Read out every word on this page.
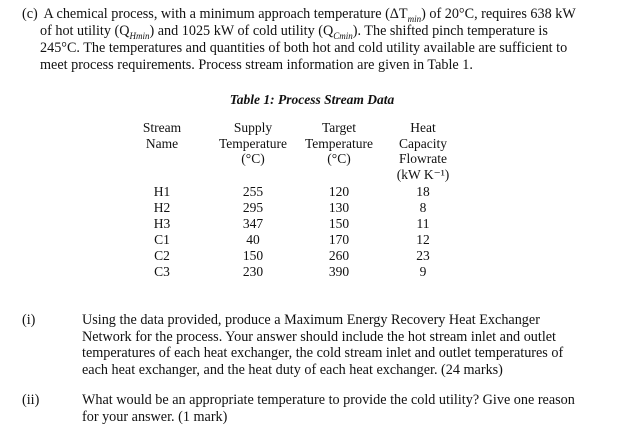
(c) A chemical process, with a minimum approach temperature $(\Delta T_{min})$ of 20°C, requires 638 kW
of hot utility $(Q_{Hmin})$ and 1025 kW of cold utility $(Q_{Cmin})$. The shifted pinch temperature is
245°C. The temperatures and quantities of both hot and cold utility available are sufficient to
meet process requirements. Process stream information are given in Table 1.
Table 1: Process Stream Data
Stream
Name
H1
H2
H3
C1
C2
C3
Supply
Temperature
(°C)
255
295
347
40
150
230
Target
Temperature
(°C)
120
130
150
170
260
390
Heat
Capacity
Flowrate
(kW K⁻¹)
18
8
11
12
23
9
(i)	Using the data provided, produce a Maximum Energy Recovery Heat Exchanger
Network for the process. Your answer should include the hot stream inlet and outlet
temperatures of each heat exchanger, the cold stream inlet and outlet temperatures of
each heat exchanger, and the heat duty of each heat exchanger. (24 marks)
(ii)	What would be an appropriate temperature to provide the cold utility? Give one reason
for your answer. (1 mark)
